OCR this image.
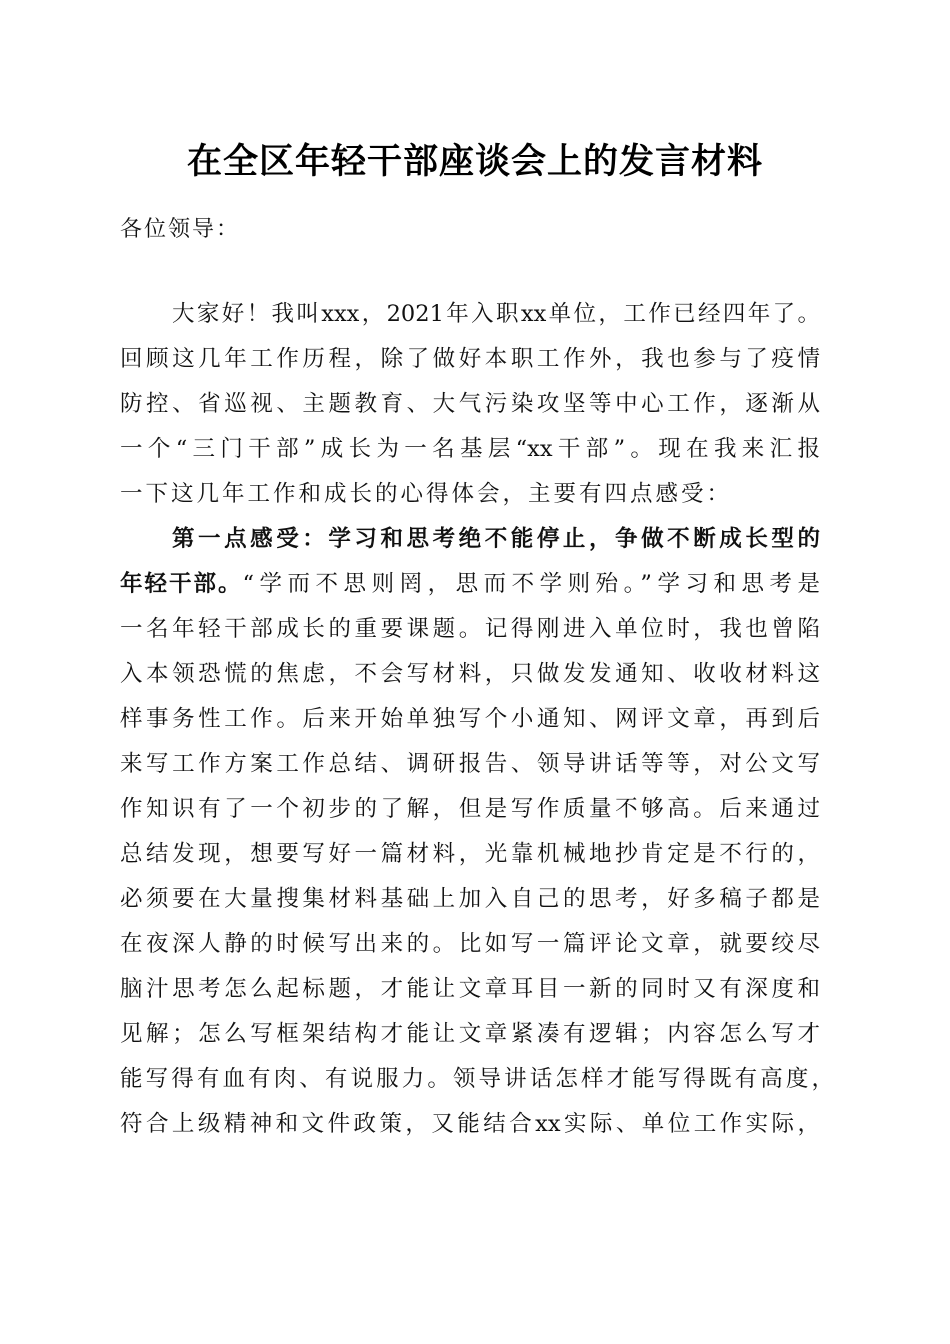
在全区年轻干部座谈会上的发言材料

各位领导：

大家好！我叫xxx，2021年入职xx单位，工作已经四年了。

回顾这几年工作历程，除了做好本职工作外，我也参与了疫情

防控、省巡视、主题教育、大气污染攻坚等中心工作，逐渐从

一个“三门干部”成长为一名基层“xx干部”。现在我来汇报

一下这几年工作和成长的心得体会，主要有四点感受：

第一点感受：学习和思考绝不能停止，争做不断成长型的

年轻干部。 “学而不思则罔，思而不学则殆。”学习和思考是

一名年轻干部成长的重要课题。记得刚进入单位时，我也曾陷

入本领恐慌的焦虑，不会写材料，只做发发通知、收收材料这

样事务性工作。后来开始单独写个小通知、网评文章，再到后

来写工作方案工作总结、调研报告、领导讲话等等，对公文写

作知识有了一个初步的了解，但是写作质量不够高。后来通过

总结发现，想要写好一篇材料，光靠机械地抄肯定是不行的，

必须要在大量搜集材料基础上加入自己的思考，好多稿子都是

在夜深人静的时候写出来的。比如写一篇评论文章，就要绞尽

脑汁思考怎么起标题，才能让文章耳目一新的同时又有深度和

见解；怎么写框架结构才能让文章紧凑有逻辑；内容怎么写才

能写得有血有肉、有说服力。领导讲话怎样才能写得既有高度，

符合上级精神和文件政策，又能结合xx实际、单位工作实际，
